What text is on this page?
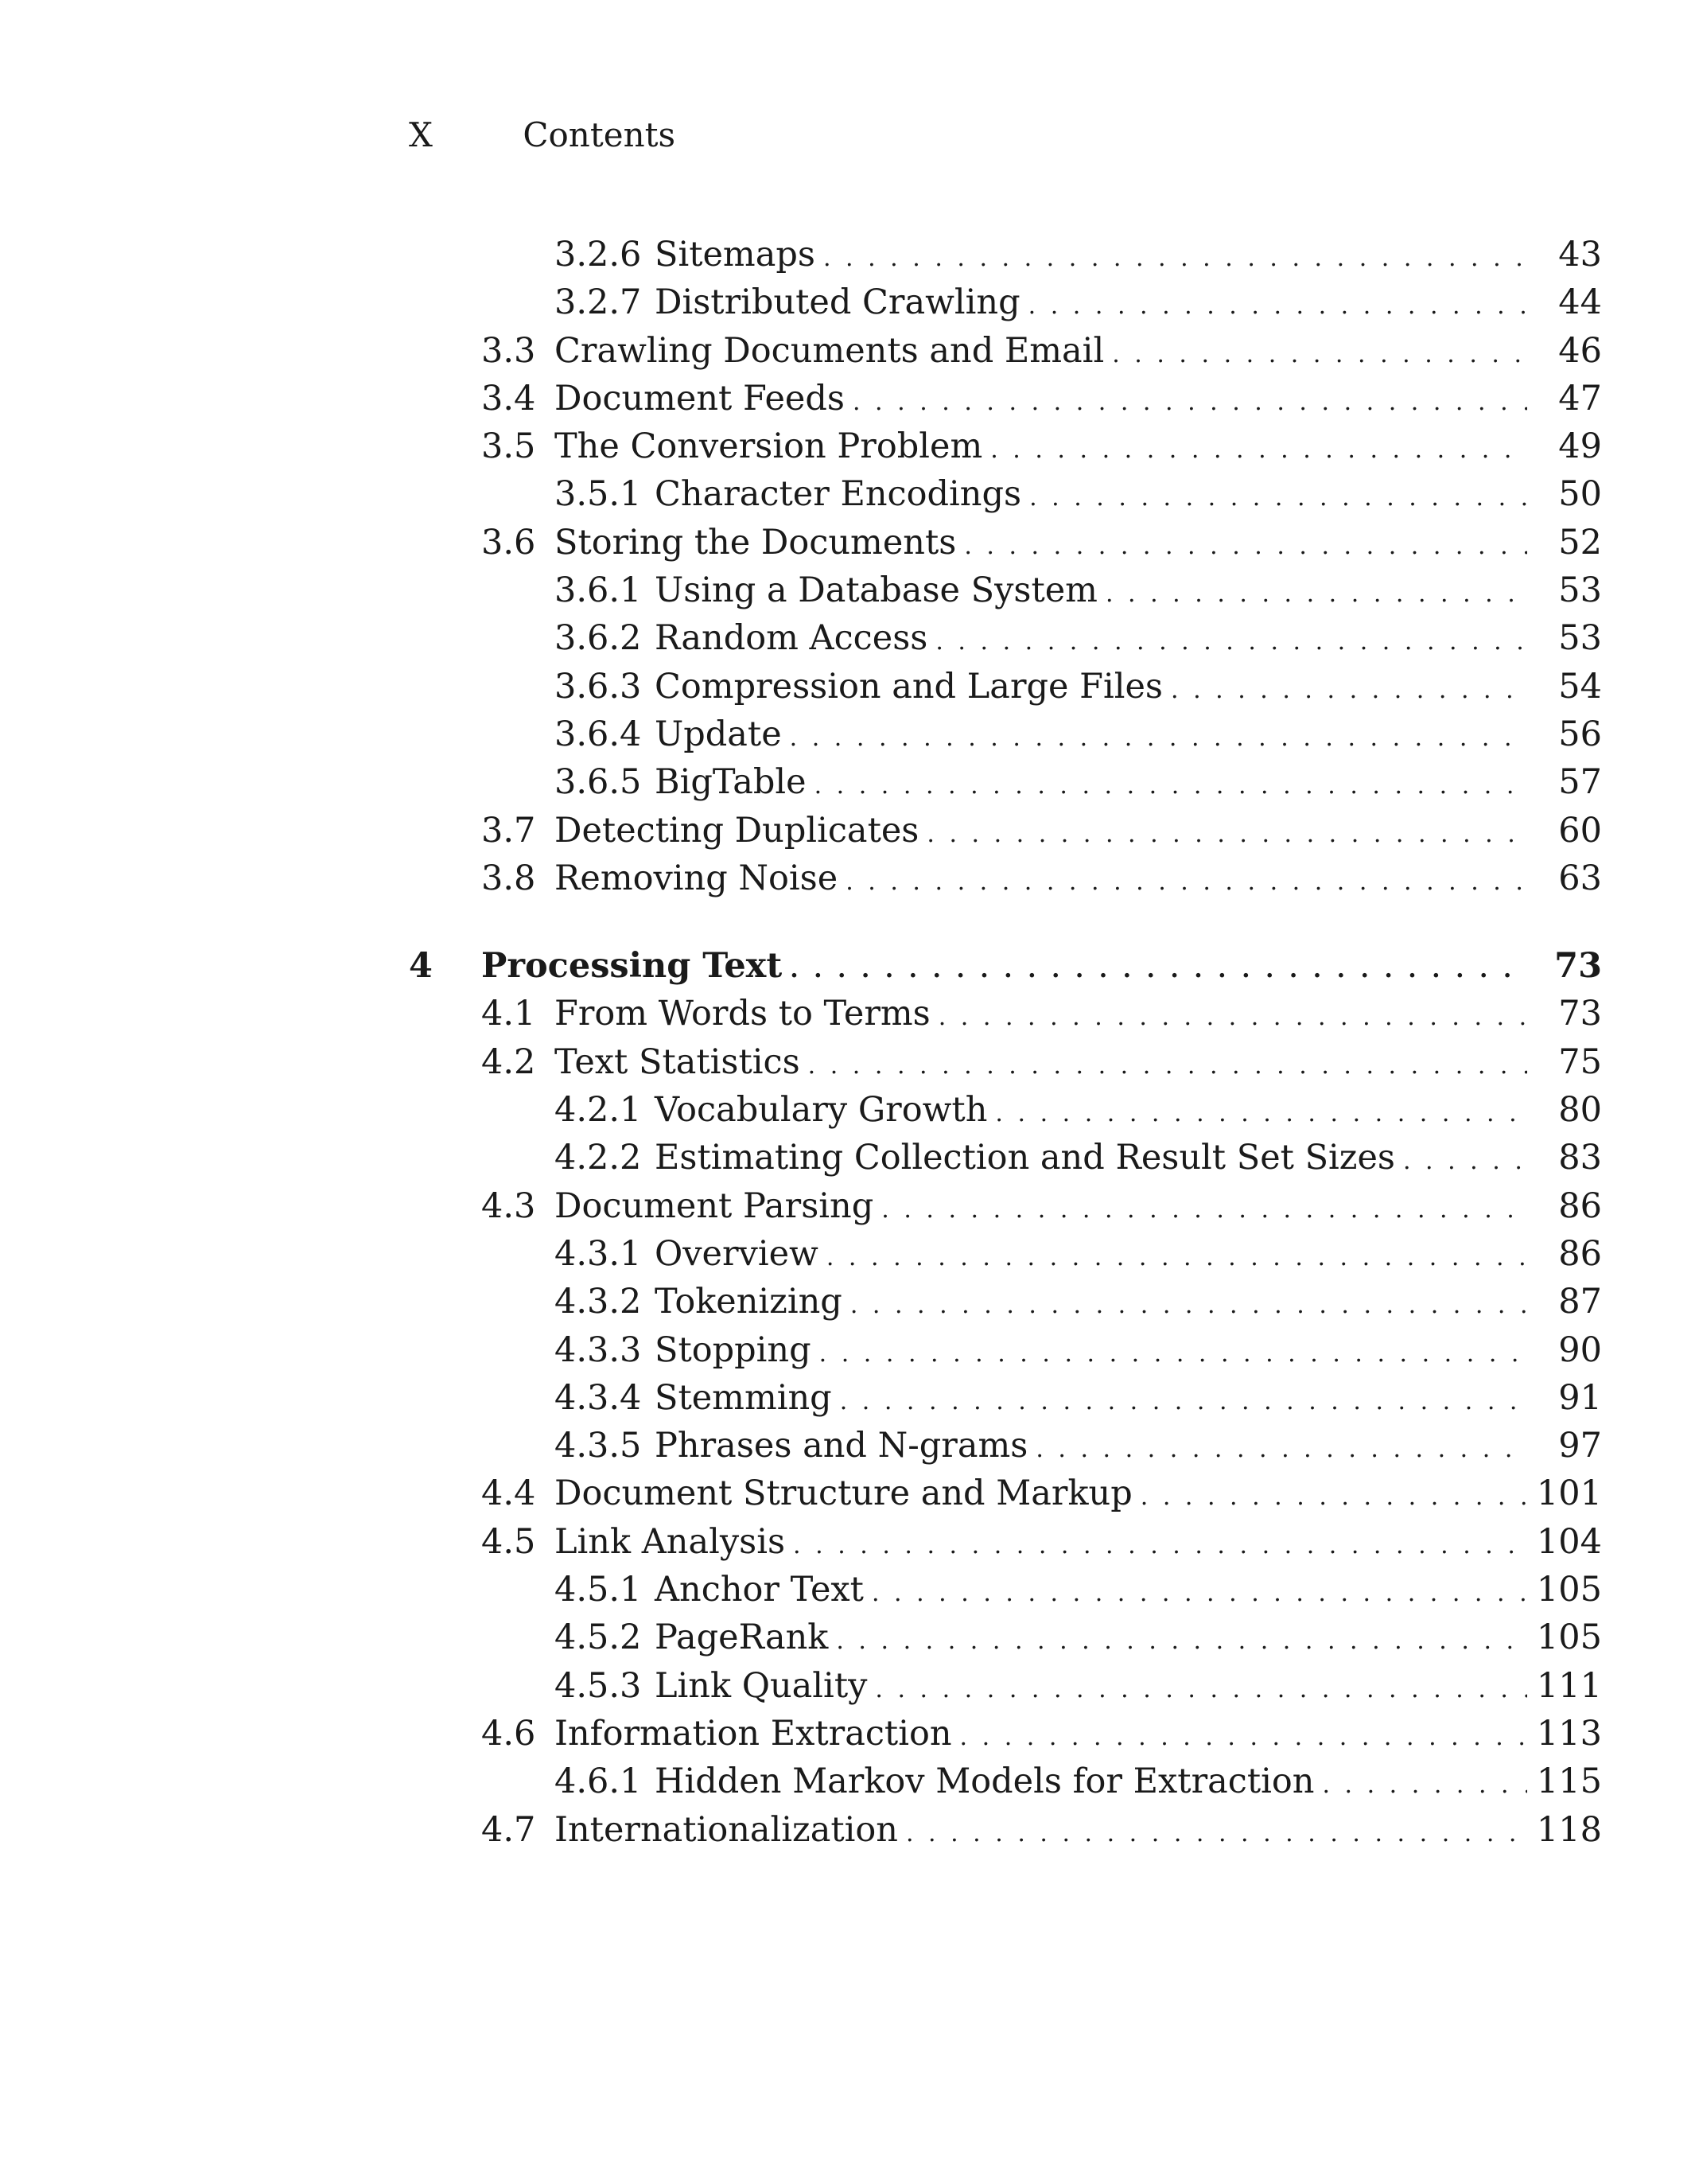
X	Contents
3.2.6 Sitemaps . . .	43
3.2.7 Distributed Crawling . . .	44
3.3 Crawling Documents and Email . . .	46
3.4 Document Feeds . . .	47
3.5 The Conversion Problem . . .	49
3.5.1 Character Encodings . . .	50
3.6 Storing the Documents . . .	52
3.6.1 Using a Database System . . .	53
3.6.2 Random Access . . .	53
3.6.3 Compression and Large Files . . .	54
3.6.4 Update . . .	56
3.6.5 BigTable . . .	57
3.7 Detecting Duplicates . . .	60
3.8 Removing Noise . . .	63
4 Processing Text . . .	73
4.1 From Words to Terms . . .	73
4.2 Text Statistics . . .	75
4.2.1 Vocabulary Growth . . .	80
4.2.2 Estimating Collection and Result Set Sizes . . .	83
4.3 Document Parsing . . .	86
4.3.1 Overview . . .	86
4.3.2 Tokenizing . . .	87
4.3.3 Stopping . . .	90
4.3.4 Stemming . . .	91
4.3.5 Phrases and N-grams . . .	97
4.4 Document Structure and Markup . . .	101
4.5 Link Analysis . . .	104
4.5.1 Anchor Text . . .	105
4.5.2 PageRank . . .	105
4.5.3 Link Quality . . .	111
4.6 Information Extraction . . .	113
4.6.1 Hidden Markov Models for Extraction . . .	115
4.7 Internationalization . . .	118
